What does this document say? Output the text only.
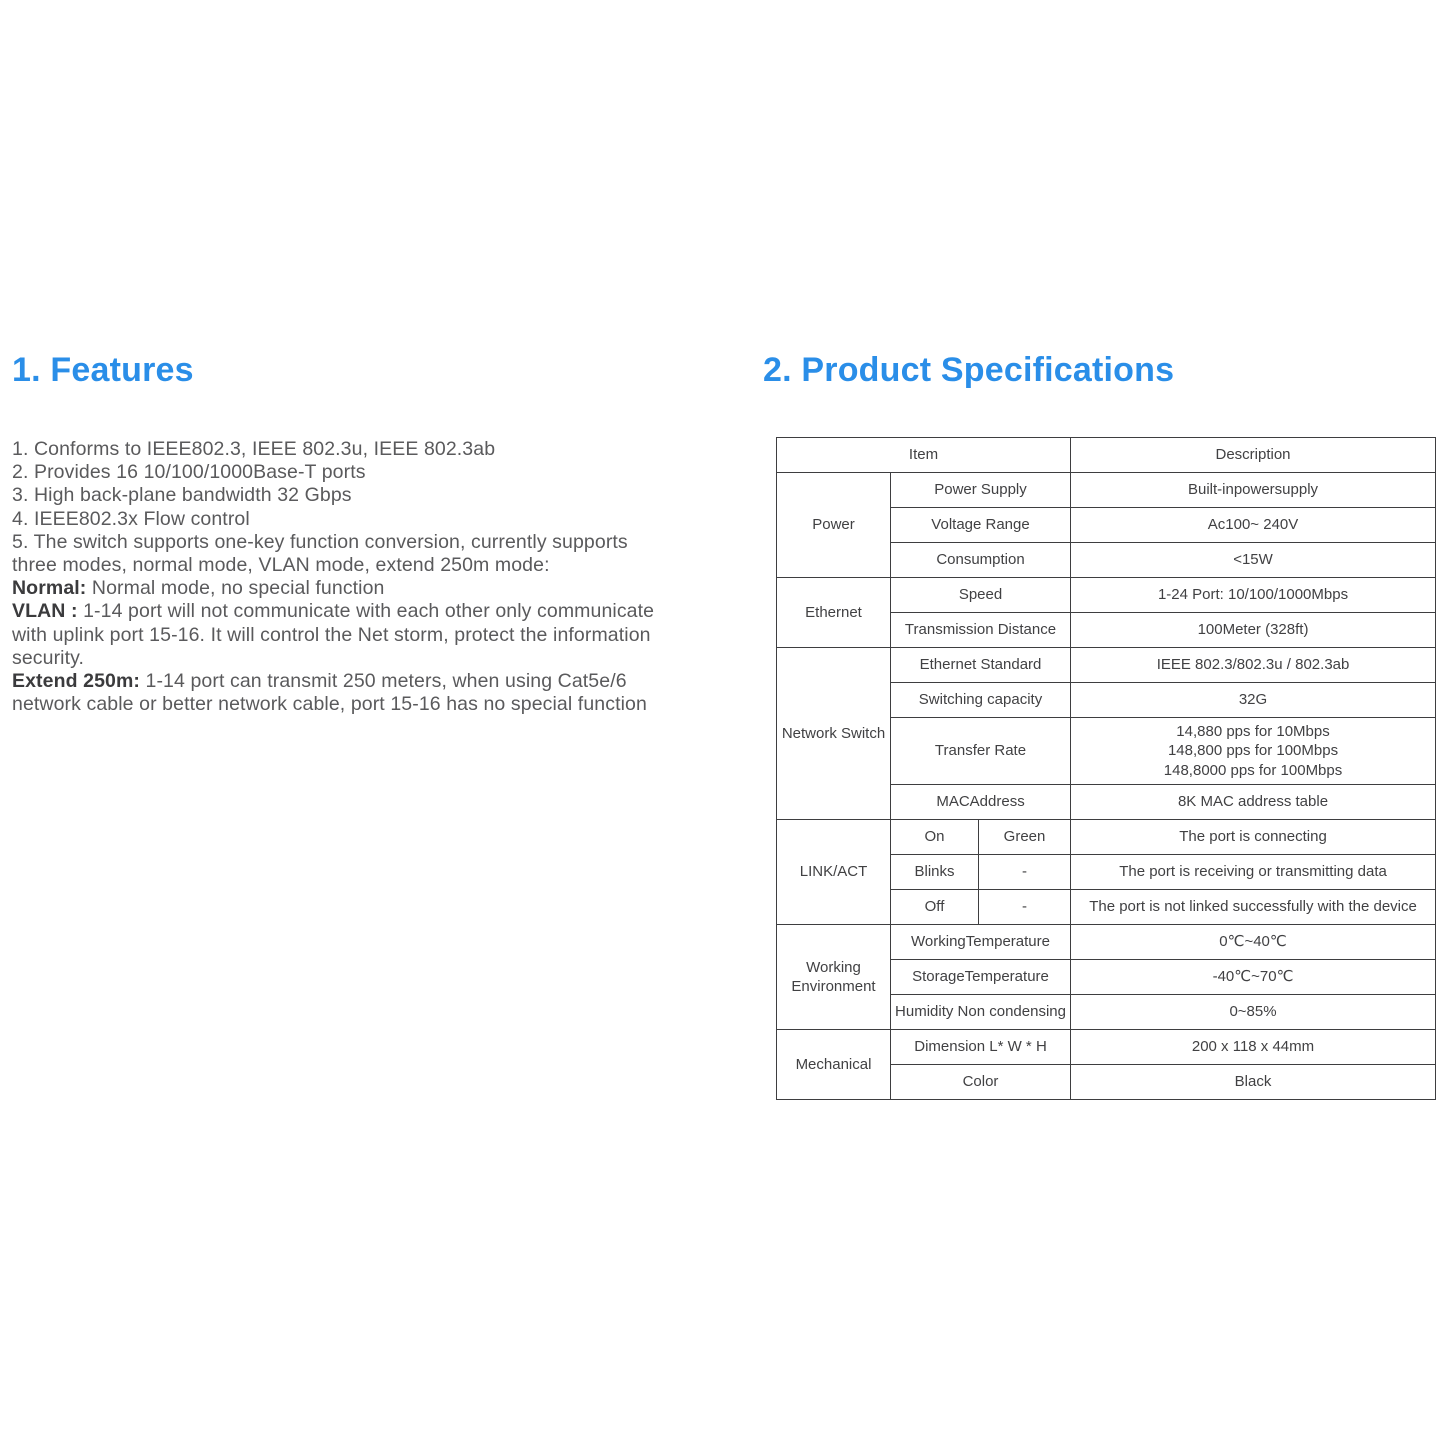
1. Features
1. Conforms to IEEE802.3, IEEE 802.3u, IEEE 802.3ab
2. Provides 16 10/100/1000Base-T ports
3. High back-plane bandwidth 32 Gbps
4. IEEE802.3x Flow control
5. The switch supports one-key function conversion, currently supports
three modes, normal mode, VLAN mode, extend 250m mode:
Normal: Normal mode, no special function
VLAN : 1-14 port will not communicate with each other only communicate
with uplink port 15-16. It will control the Net storm, protect the information
security.
Extend 250m: 1-14 port can transmit 250 meters, when using Cat5e/6
network cable or better network cable, port 15-16 has no special function
2. Product Specifications
Item			Description
Power	Power Supply		Built-inpowersupply
	Voltage Range		Ac100~ 240V
	Consumption		<15W
Ethernet	Speed		1-24 Port: 10/100/1000Mbps
	Transmission Distance		100Meter (328ft)
Network Switch	Ethernet Standard		IEEE 802.3/802.3u / 802.3ab
	Switching capacity		32G
	Transfer Rate		14,880 pps for 10Mbps
148,800 pps for 100Mbps
148,8000 pps for 100Mbps

	MACAddress		8K MAC address table
LINK/ACT	On	Green	The port is connecting
	Blinks	-	The port is receiving or transmitting data
	Off	-	The port is not linked successfully with the device
Working Environment	WorkingTemperature		0℃~40℃
	StorageTemperature		-40℃~70℃
	Humidity Non condensing		0~85%
Mechanical	Dimension L* W * H		200 x 118 x 44mm
	Color		Black
